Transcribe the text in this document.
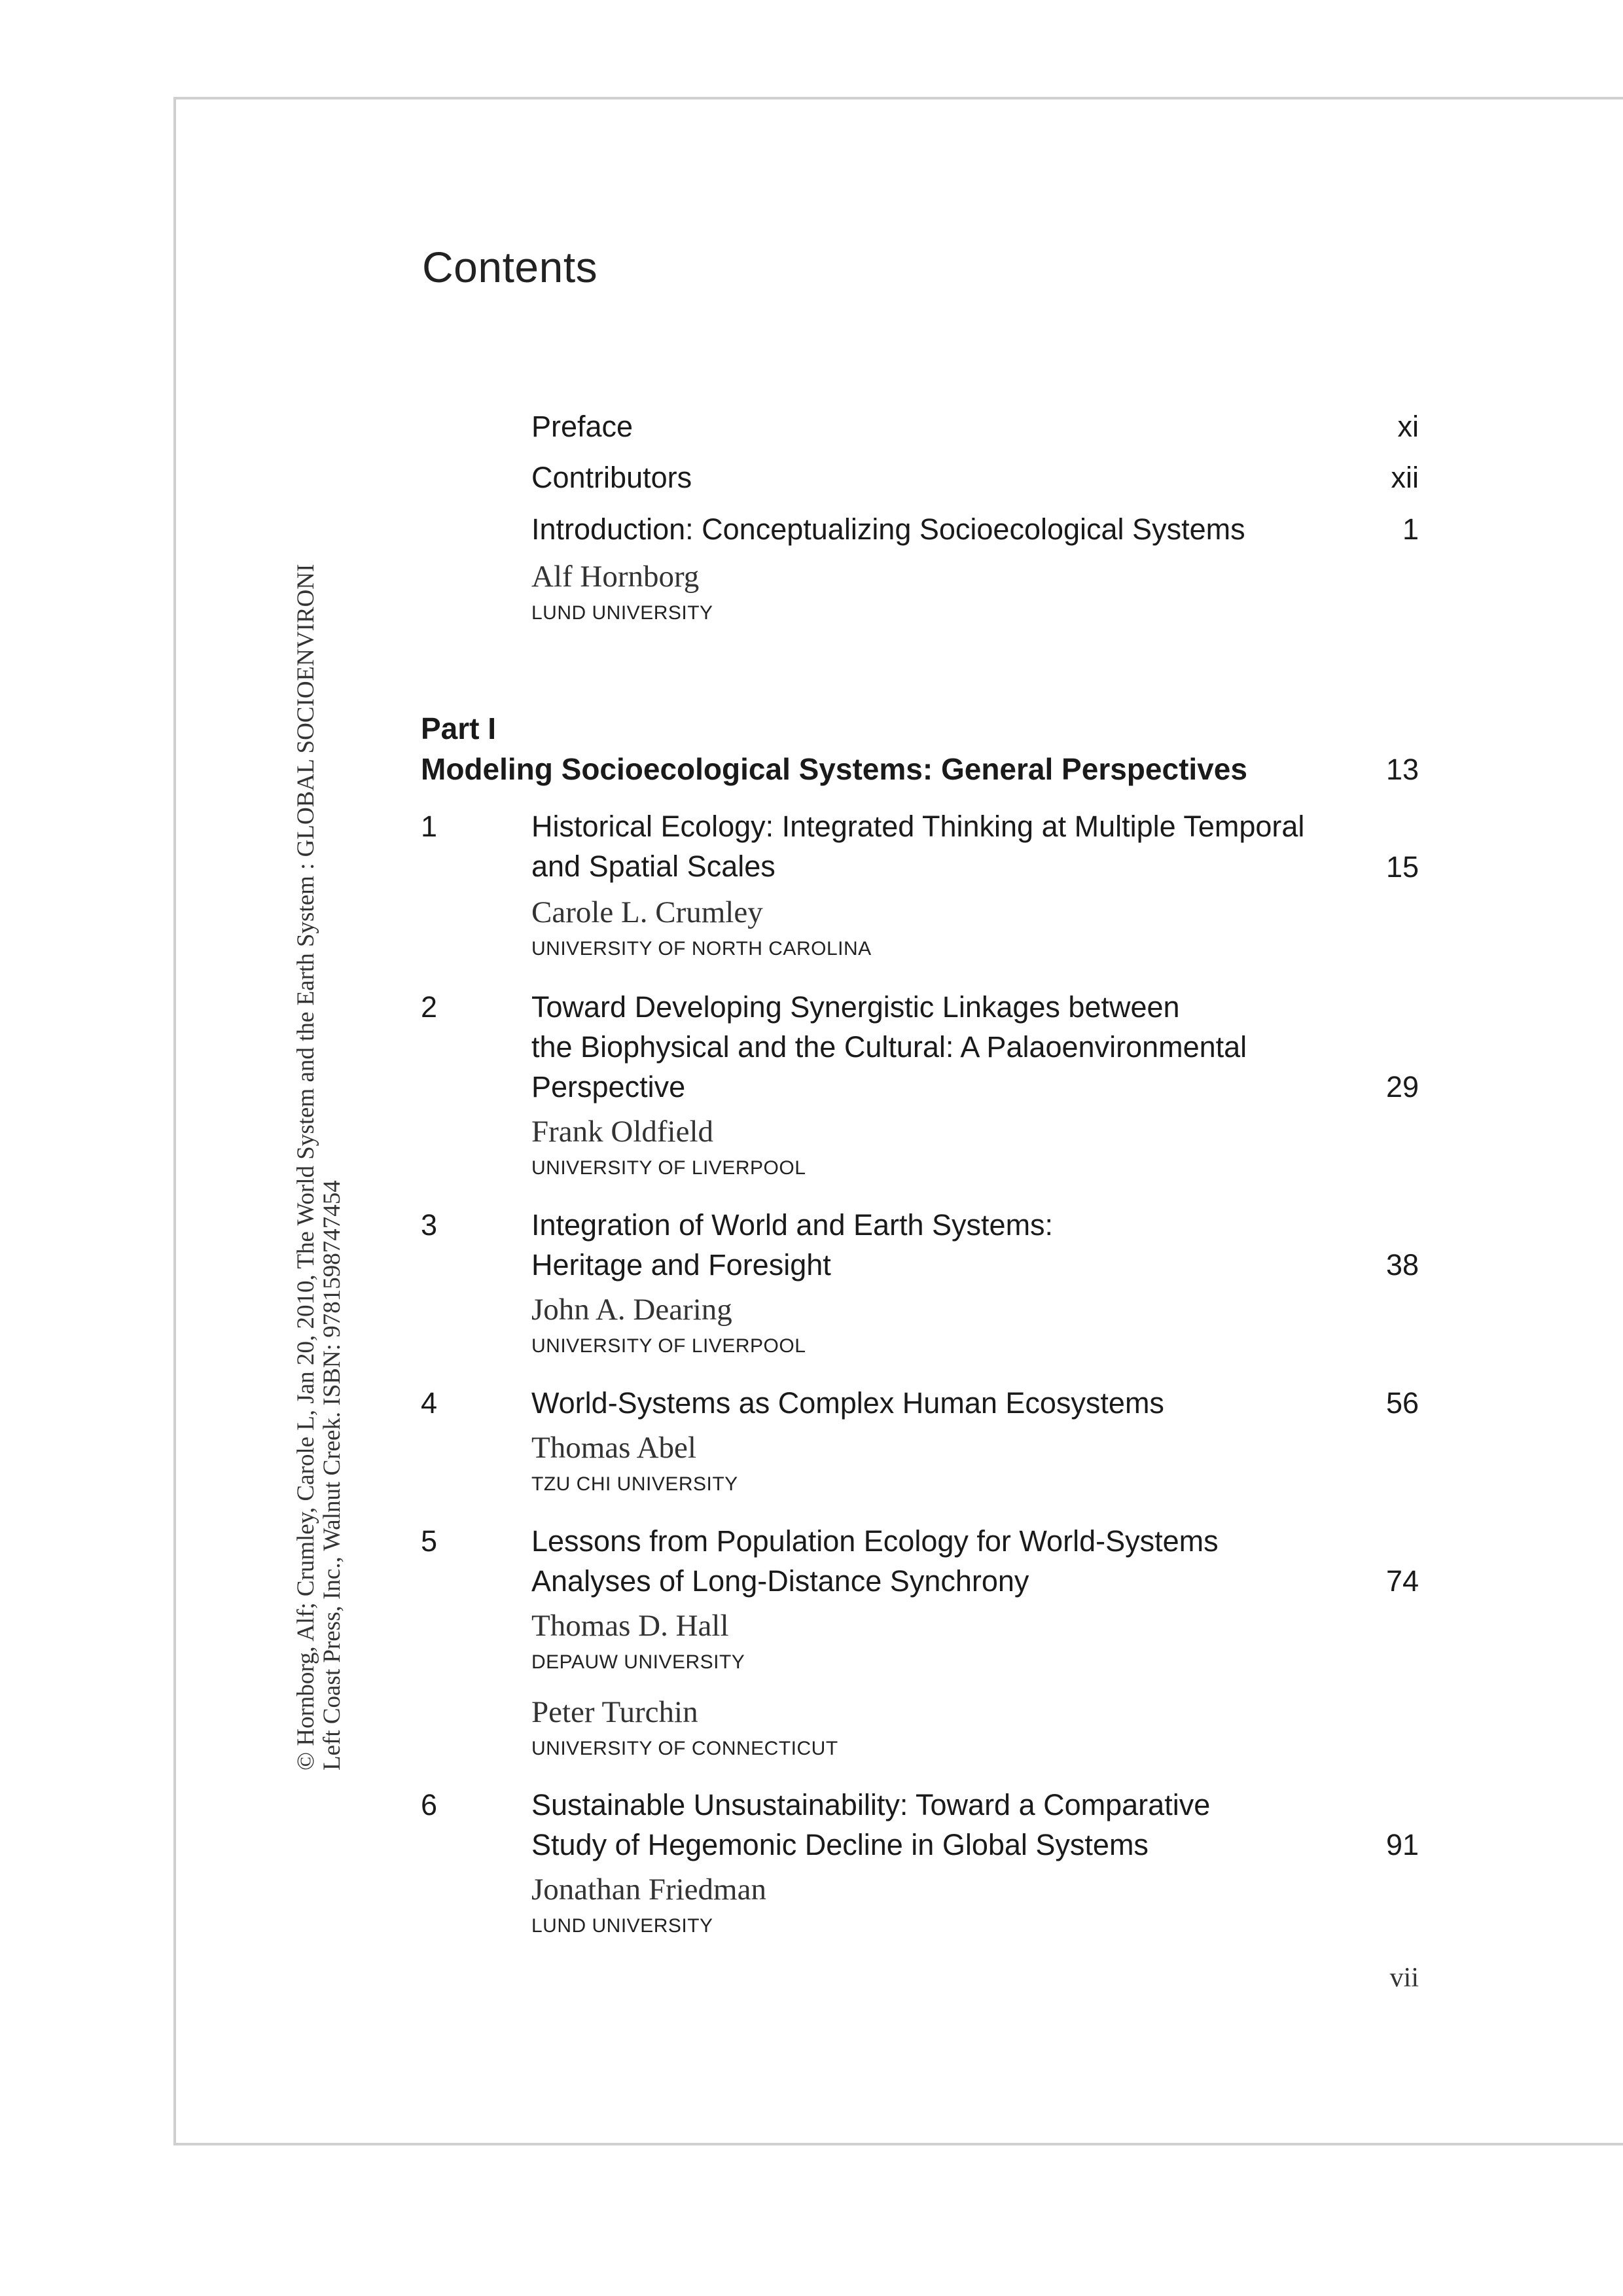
© Hornborg, Alf; Crumley, Carole L, Jan 20, 2010, The World System and the Earth System : GLOBAL SOCIOENVIRONI Left Coast Press, Inc., Walnut Creek. ISBN: 9781598747454
Contents
Preface	xi
Contributors	xii
Introduction: Conceptualizing Socioecological Systems	1
Alf Hornborg
LUND UNIVERSITY
Part I
Modeling Socioecological Systems: General Perspectives	13
1	Historical Ecology: Integrated Thinking at Multiple Temporal
and Spatial Scales	15
Carole L. Crumley
UNIVERSITY OF NORTH CAROLINA
2	Toward Developing Synergistic Linkages between
the Biophysical and the Cultural: A Palaoenvironmental
Perspective	29
Frank Oldfield
UNIVERSITY OF LIVERPOOL
3	Integration of World and Earth Systems:
Heritage and Foresight	38
John A. Dearing
UNIVERSITY OF LIVERPOOL
4	World-Systems as Complex Human Ecosystems	56
Thomas Abel
TZU CHI UNIVERSITY
5	Lessons from Population Ecology for World-Systems
Analyses of Long-Distance Synchrony	74
Thomas D. Hall
DEPAUW UNIVERSITY
Peter Turchin
UNIVERSITY OF CONNECTICUT
6	Sustainable Unsustainability: Toward a Comparative
Study of Hegemonic Decline in Global Systems	91
Jonathan Friedman
LUND UNIVERSITY
vii
